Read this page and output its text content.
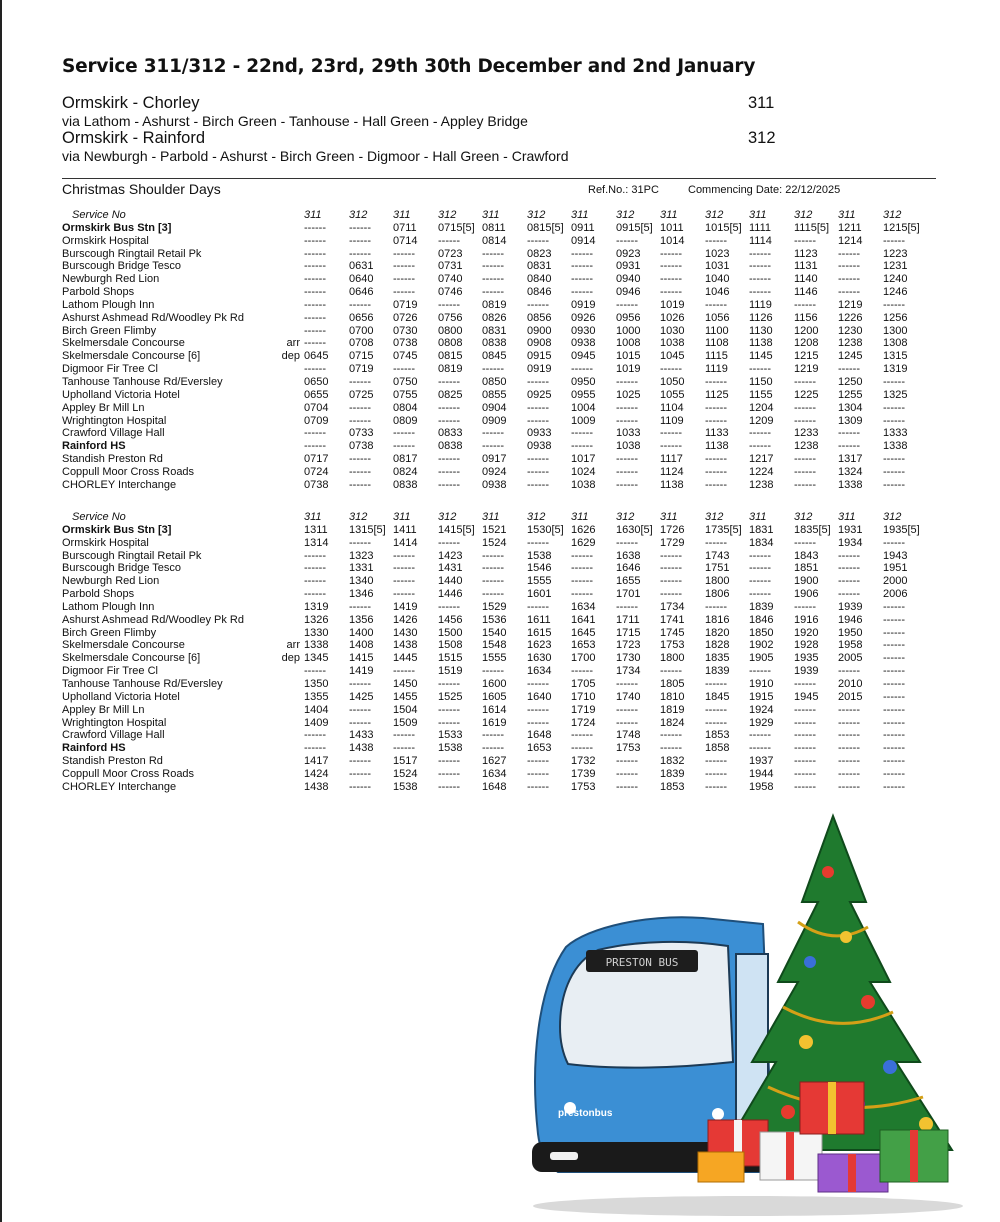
Service 311/312 - 22nd, 23rd, 29th 30th December and 2nd January
Ormskirk - Chorley	311
via Lathom - Ashurst - Birch Green - Tanhouse - Hall Green - Appley Bridge
Ormskirk - Rainford	312
via Newburgh - Parbold - Ashurst - Birch Green - Digmoor - Hall Green - Crawford
Christmas Shoulder Days	Ref.No.: 31PC	Commencing Date: 22/12/2025
Service No	311 312 311 312 311 312 311 312 311 312 311 312 311 312
Ormskirk Bus Stn [3]	------ ------ 0711 0715[5] 0811 0815[5] 0911 0915[5] 1011 1015[5] 1111 1115[5] 1211 1215[5]
Ormskirk Hospital	------ ------ 0714 ------ 0814 ------ 0914 ------ 1014 ------ 1114 ------ 1214 ------
Burscough Ringtail Retail Pk	------ ------ ------ 0723 ------ 0823 ------ 0923 ------ 1023 ------ 1123 ------ 1223
Burscough Bridge Tesco	------ 0631 ------ 0731 ------ 0831 ------ 0931 ------ 1031 ------ 1131 ------ 1231
Newburgh Red Lion	------ 0640 ------ 0740 ------ 0840 ------ 0940 ------ 1040 ------ 1140 ------ 1240
Parbold Shops	------ 0646 ------ 0746 ------ 0846 ------ 0946 ------ 1046 ------ 1146 ------ 1246
Lathom Plough Inn	------ ------ 0719 ------ 0819 ------ 0919 ------ 1019 ------ 1119 ------ 1219 ------
Ashurst Ashmead Rd/Woodley Pk Rd	------ 0656 0726 0756 0826 0856 0926 0956 1026 1056 1126 1156 1226 1256
Birch Green Flimby	------ 0700 0730 0800 0831 0900 0930 1000 1030 1100 1130 1200 1230 1300
Skelmersdale Concourse	arr ------ 0708 0738 0808 0838 0908 0938 1008 1038 1108 1138 1208 1238 1308
Skelmersdale Concourse [6]	dep 0645 0715 0745 0815 0845 0915 0945 1015 1045 1115 1145 1215 1245 1315
Digmoor Fir Tree Cl	------ 0719 ------ 0819 ------ 0919 ------ 1019 ------ 1119 ------ 1219 ------ 1319
Tanhouse Tanhouse Rd/Eversley	0650 ------ 0750 ------ 0850 ------ 0950 ------ 1050 ------ 1150 ------ 1250 ------
Upholland Victoria Hotel	0655 0725 0755 0825 0855 0925 0955 1025 1055 1125 1155 1225 1255 1325
Appley Br Mill Ln	0704 ------ 0804 ------ 0904 ------ 1004 ------ 1104 ------ 1204 ------ 1304 ------
Wrightington Hospital	0709 ------ 0809 ------ 0909 ------ 1009 ------ 1109 ------ 1209 ------ 1309 ------
Crawford Village Hall	------ 0733 ------ 0833 ------ 0933 ------ 1033 ------ 1133 ------ 1233 ------ 1333
Rainford HS	------ 0738 ------ 0838 ------ 0938 ------ 1038 ------ 1138 ------ 1238 ------ 1338
Standish Preston Rd	0717 ------ 0817 ------ 0917 ------ 1017 ------ 1117 ------ 1217 ------ 1317 ------
Coppull Moor Cross Roads	0724 ------ 0824 ------ 0924 ------ 1024 ------ 1124 ------ 1224 ------ 1324 ------
CHORLEY Interchange	0738 ------ 0838 ------ 0938 ------ 1038 ------ 1138 ------ 1238 ------ 1338 ------
Service No	311 312 311 312 311 312 311 312 311 312 311 312 311 312
Ormskirk Bus Stn [3]	1311 1315[5] 1411 1415[5] 1521 1530[5] 1626 1630[5] 1726 1735[5] 1831 1835[5] 1931 1935[5]
Ormskirk Hospital	1314 ------ 1414 ------ 1524 ------ 1629 ------ 1729 ------ 1834 ------ 1934 ------
Burscough Ringtail Retail Pk	------ 1323 ------ 1423 ------ 1538 ------ 1638 ------ 1743 ------ 1843 ------ 1943
Burscough Bridge Tesco	------ 1331 ------ 1431 ------ 1546 ------ 1646 ------ 1751 ------ 1851 ------ 1951
Newburgh Red Lion	------ 1340 ------ 1440 ------ 1555 ------ 1655 ------ 1800 ------ 1900 ------ 2000
Parbold Shops	------ 1346 ------ 1446 ------ 1601 ------ 1701 ------ 1806 ------ 1906 ------ 2006
Lathom Plough Inn	1319 ------ 1419 ------ 1529 ------ 1634 ------ 1734 ------ 1839 ------ 1939 ------
Ashurst Ashmead Rd/Woodley Pk Rd	1326 1356 1426 1456 1536 1611 1641 1711 1741 1816 1846 1916 1946 ------
Birch Green Flimby	1330 1400 1430 1500 1540 1615 1645 1715 1745 1820 1850 1920 1950 ------
Skelmersdale Concourse	arr 1338 1408 1438 1508 1548 1623 1653 1723 1753 1828 1902 1928 1958 ------
Skelmersdale Concourse [6]	dep 1345 1415 1445 1515 1555 1630 1700 1730 1800 1835 1905 1935 2005 ------
Digmoor Fir Tree Cl	------ 1419 ------ 1519 ------ 1634 ------ 1734 ------ 1839 ------ 1939 ------ ------
Tanhouse Tanhouse Rd/Eversley	1350 ------ 1450 ------ 1600 ------ 1705 ------ 1805 ------ 1910 ------ 2010 ------
Upholland Victoria Hotel	1355 1425 1455 1525 1605 1640 1710 1740 1810 1845 1915 1945 2015 ------
Appley Br Mill Ln	1404 ------ 1504 ------ 1614 ------ 1719 ------ 1819 ------ 1924 ------ ------ ------
Wrightington Hospital	1409 ------ 1509 ------ 1619 ------ 1724 ------ 1824 ------ 1929 ------ ------ ------
Crawford Village Hall	------ 1433 ------ 1533 ------ 1648 ------ 1748 ------ 1853 ------ ------ ------ ------
Rainford HS	------ 1438 ------ 1538 ------ 1653 ------ 1753 ------ 1858 ------ ------ ------ ------
Standish Preston Rd	1417 ------ 1517 ------ 1627 ------ 1732 ------ 1832 ------ 1937 ------ ------ ------
Coppull Moor Cross Roads	1424 ------ 1524 ------ 1634 ------ 1739 ------ 1839 ------ 1944 ------ ------ ------
CHORLEY Interchange	1438 ------ 1538 ------ 1648 ------ 1753 ------ 1853 ------ 1958 ------ ------ ------
PRESTON BUS
prestonbus
